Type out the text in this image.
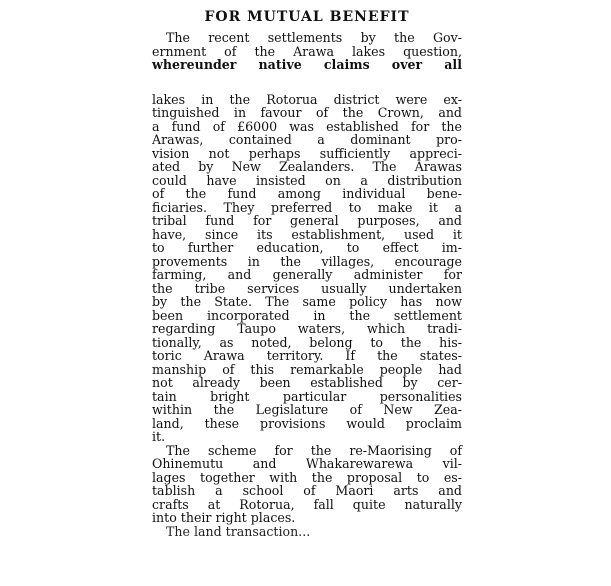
FOR MUTUAL BENEFIT
The recent settlements by the Gov-
ernment of the Arawa lakes question,
whereunder native claims over all
lakes in the Rotorua district were ex-
tinguished in favour of the Crown, and
a fund of £6000 was established for the
Arawas, contained a dominant pro-
vision not perhaps sufficiently appreci-
ated by New Zealanders. The Arawas
could have insisted on a distribution
of the fund among individual bene-
ficiaries. They preferred to make it a
tribal fund for general purposes, and
have, since its establishment, used it
to further education, to effect im-
provements in the villages, encourage
farming, and generally administer for
the tribe services usually undertaken
by the State. The same policy has now
been incorporated in the settlement
regarding Taupo waters, which tradi-
tionally, as noted, belong to the his-
toric Arawa territory. If the states-
manship of this remarkable people had
not already been established by cer-
tain bright particular personalities
within the Legislature of New Zea-
land, these provisions would proclaim
it.
The scheme for the re-Maorising of
Ohinemutu and Whakarewarewa vil-
lages together with the proposal to es-
tablish a school of Maori arts and
crafts at Rotorua, fall quite naturally
into their right places.
The land transaction...
